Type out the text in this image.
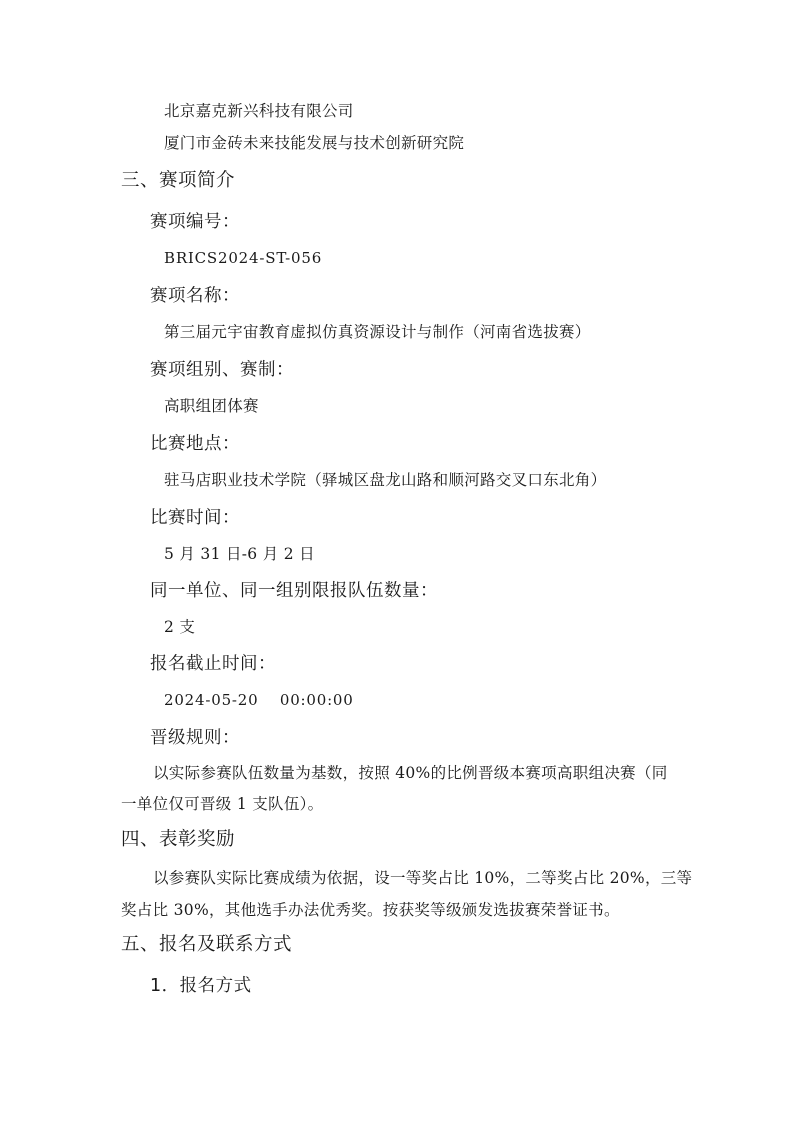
北京嘉克新兴科技有限公司
厦门市金砖未来技能发展与技术创新研究院
三、赛项简介
赛项编号：
BRICS2024-ST-056
赛项名称：
第三届元宇宙教育虚拟仿真资源设计与制作（河南省选拔赛）
赛项组别、赛制：
高职组团体赛
比赛地点：
驻马店职业技术学院（驿城区盘龙山路和顺河路交叉口东北角）
比赛时间：
5 月 31 日-6 月 2 日
同一单位、同一组别限报队伍数量：
2 支
报名截止时间：
2024-05-20　 00:00:00
晋级规则：
以实际参赛队伍数量为基数，按照 40%的比例晋级本赛项高职组决赛（同
一单位仅可晋级 1 支队伍）。
四、表彰奖励
以参赛队实际比赛成绩为依据，设一等奖占比 10%，二等奖占比 20%，三等
奖占比 30%，其他选手办法优秀奖。按获奖等级颁发选拔赛荣誉证书。
五、报名及联系方式
1．报名方式
